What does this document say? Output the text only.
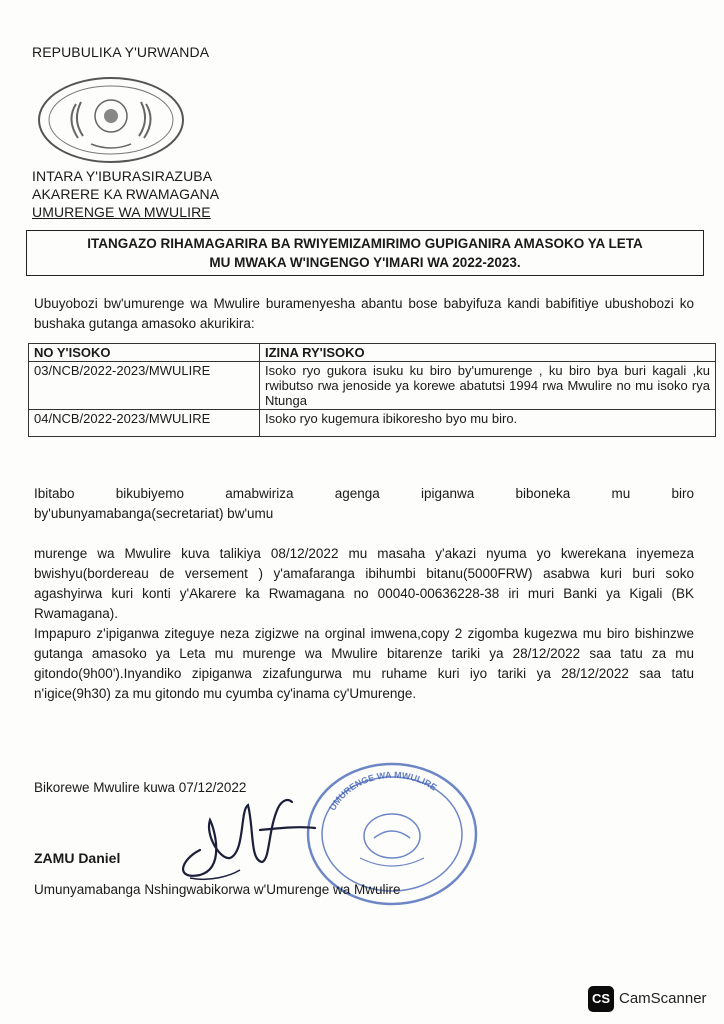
REPUBULIKA Y'URWANDA
INTARA Y'IBURASIRAZUBA
AKARERE KA RWAMAGANA
UMURENGE WA MWULIRE
ITANGAZO RIHAMAGARIRA BA RWIYEMIZAMIRIMO GUPIGANIRA AMASOKO YA LETA
MU MWAKA W'INGENGO Y'IMARI WA 2022-2023.
Ubuyobozi bw'umurenge wa Mwulire buramenyesha abantu bose babyifuza kandi babifitiye ubushobozi ko bushaka gutanga amasoko akurikira:
NO Y'ISOKO	IZINA RY'ISOKO
03/NCB/2022-2023/MWULIRE	Isoko ryo gukora isuku ku biro by'umurenge , ku biro bya buri kagali ,ku rwibutso rwa jenoside ya korewe abatutsi 1994 rwa Mwulire no mu isoko rya Ntunga
04/NCB/2022-2023/MWULIRE	Isoko ryo kugemura ibikoresho byo mu biro.
Ibitabo bikubiyemo amabwiriza agenga ipiganwa biboneka mu biro
by'ubunyamabanga(secretariat) bw'umu
murenge wa Mwulire kuva talikiya 08/12/2022 mu masaha y'akazi nyuma yo kwerekana inyemeza bwishyu(bordereau de versement ) y'amafaranga ibihumbi bitanu(5000FRW) asabwa kuri buri soko agashyirwa kuri konti y'Akarere ka Rwamagana no 00040-00636228-38 iri muri Banki ya Kigali (BK Rwamagana).
Impapuro z'ipiganwa ziteguye neza zigizwe na orginal imwena,copy 2 zigomba kugezwa mu biro bishinzwe gutanga amasoko ya Leta mu murenge wa Mwulire bitarenze tariki ya 28/12/2022 saa tatu za mu gitondo(9h00').Inyandiko zipiganwa zizafungurwa mu ruhame kuri iyo tariki ya 28/12/2022 saa tatu n'igice(9h30) za mu gitondo mu cyumba cy'inama cy'Umurenge.
UMURENGE WA MWULIRE
Bikorewe Mwulire kuwa 07/12/2022
ZAMU Daniel
Umunyamabanga Nshingwabikorwa w'Umurenge wa Mwulire
CS CamScanner
